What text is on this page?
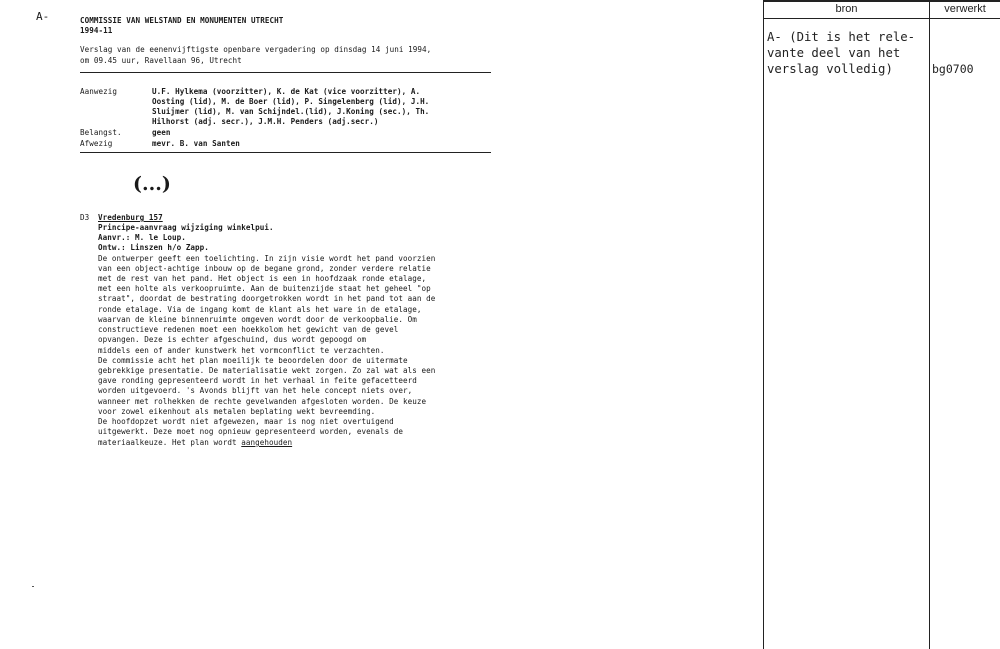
A-	COMMISSIE VAN WELSTAND EN MONUMENTEN UTRECHT
1994-11
Verslag van de eenenvijftigste openbare vergadering op dinsdag 14 juni 1994,
om 09.45 uur, Ravellaan 96, Utrecht
Aanwezig	U.F. Hylkema (voorzitter), K. de Kat (vice voorzitter), A.
Oosting (lid), M. de Boer (lid), P. Singelenberg (lid), J.H.
Sluijmer (lid), M. van Schijndel.(lid), J.Koning (sec.), Th.
Hilhorst (adj. secr.), J.M.H. Penders (adj.secr.)
Belangst.	geen
Afwezig	mevr. B. van Santen
(...)
D3 Vredenburg 157
Principe-aanvraag wijziging winkelpui.
Aanvr.: M. le Loup.
Ontw.: Linszen h/o Zapp.
De ontwerper geeft een toelichting. In zijn visie wordt het pand voorzien
van een object-achtige inbouw op de begane grond, zonder verdere relatie
met de rest van het pand. Het object is een in hoofdzaak ronde etalage,
met een holte als verkoopruimte. Aan de buitenzijde staat het geheel "op
straat", doordat de bestrating doorgetrokken wordt in het pand tot aan de
ronde etalage. Via de ingang komt de klant als het ware in de etalage,
waarvan de kleine binnenruimte omgeven wordt door de verkoopbalie. Om
constructieve redenen moet een hoekkolom het gewicht van de gevel
opvangen. Deze is echter afgeschuind, dus wordt gepoogd om
middels een of ander kunstwerk het vormconflict te verzachten.
De commissie acht het plan moeilijk te beoordelen door de uitermate
gebrekkige presentatie. De materialisatie wekt zorgen. Zo zal wat als een
gave ronding gepresenteerd wordt in het verhaal in feite gefacetteerd
worden uitgevoerd. 's Avonds blijft van het hele concept niets over,
wanneer met rolhekken de rechte gevelwanden afgesloten worden. De keuze
voor zowel eikenhout als metalen beplating wekt bevreemding.
De hoofdopzet wordt niet afgewezen, maar is nog niet overtuigend
uitgewerkt. Deze moet nog opnieuw gepresenteerd worden, evenals de
materiaalkeuze. Het plan wordt aangehouden
bron	verwerkt
A- (Dit is het rele-
vante deel van het
verslag volledig)	bg0700
